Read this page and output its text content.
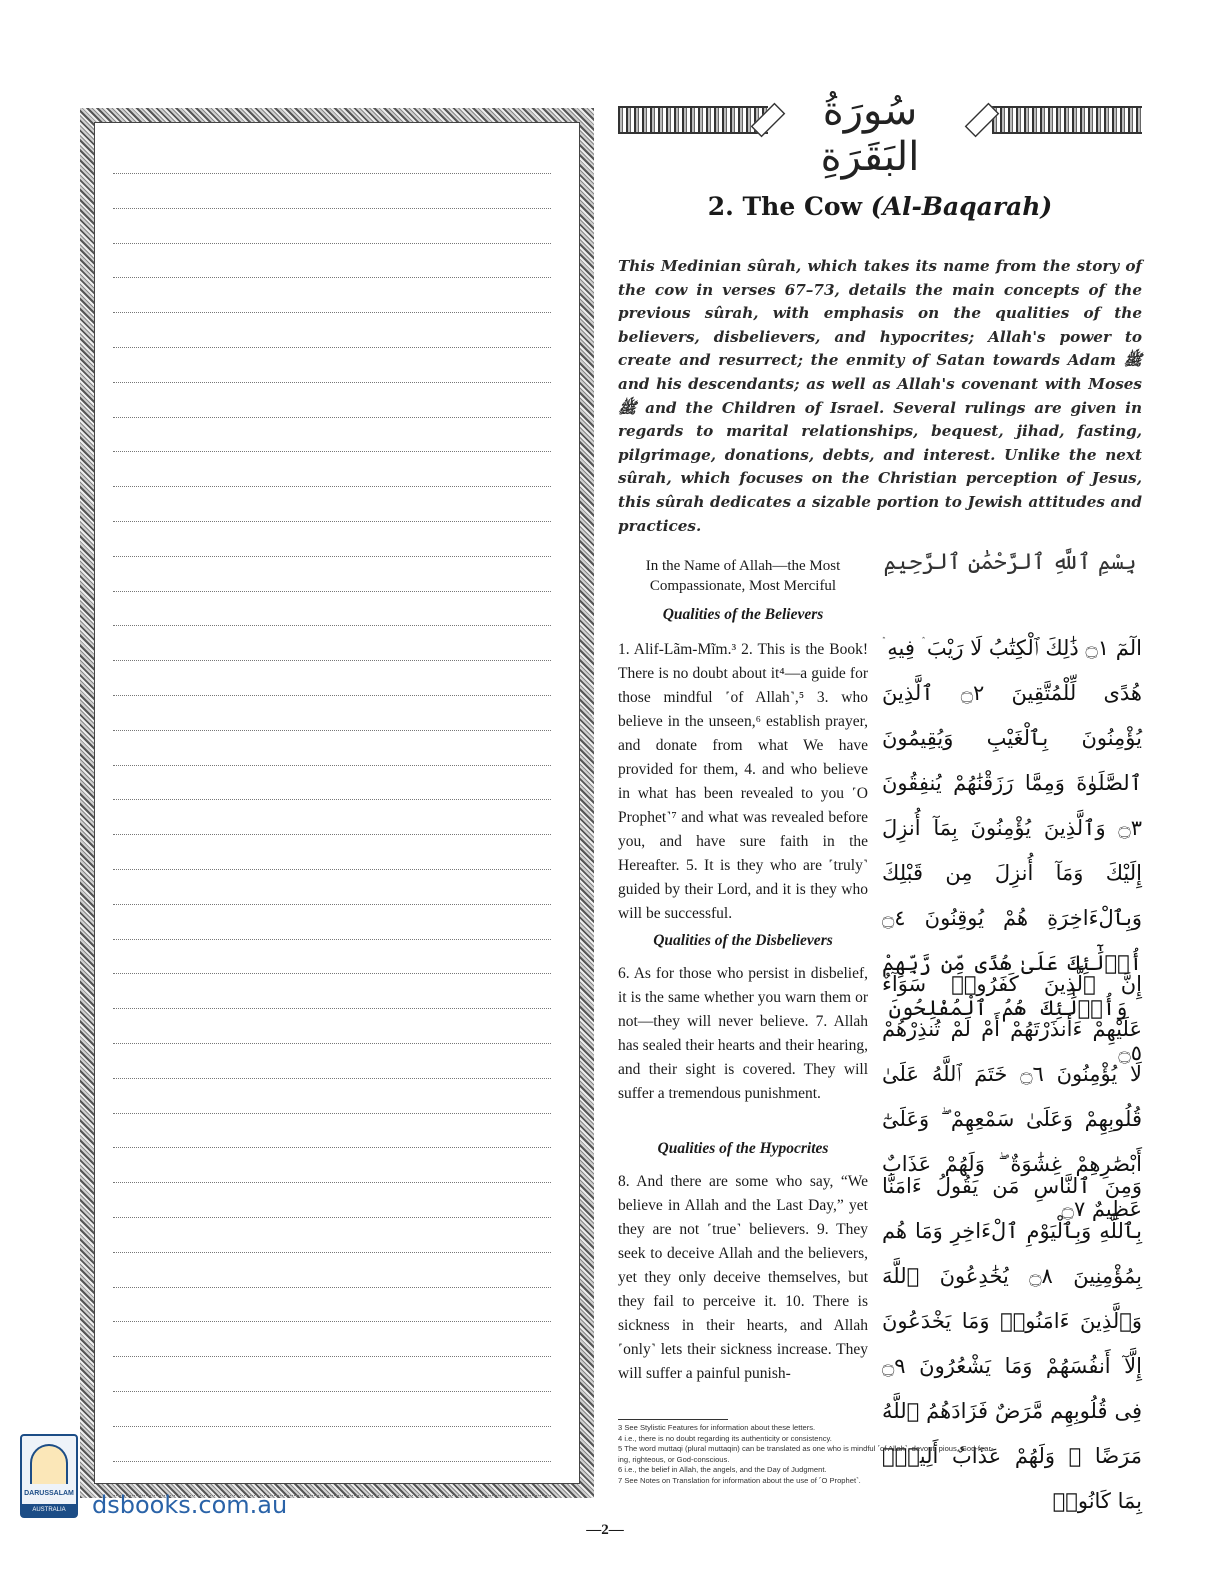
سُورَةُ البَقَرَةِ
2. The Cow (Al-Baqarah)
This Medinian sûrah, which takes its name from the story of the cow in verses 67–73, details the main concepts of the previous sûrah, with emphasis on the qualities of the believers, disbelievers, and hypocrites; Allah's power to create and resurrect; the enmity of Satan towards Adam ﷺ and his descendants; as well as Allah's covenant with Moses ﷺ and the Children of Israel. Several rulings are given in regards to marital relationships, bequest, jihad, fasting, pilgrimage, donations, debts, and interest. Unlike the next sûrah, which focuses on the Christian perception of Jesus, this sûrah dedicates a sizable portion to Jewish attitudes and practices.
In the Name of Allah—the Most Compassionate, Most Merciful
بِسْمِ ٱللَّهِ ٱلرَّحْمَٰنِ ٱلرَّحِيمِ
Qualities of the Believers
1. Alif-Lãm-Mĩm.³ 2. This is the Book! There is no doubt about it⁴—a guide for those mindful ˹of Allah˺,⁵ 3. who believe in the unseen,⁶ establish prayer, and donate from what We have provided for them, 4. and who believe in what has been revealed to you ˹O Prophet˺⁷ and what was revealed before you, and have sure faith in the Hereafter. 5. It is they who are ˹truly˺ guided by their Lord, and it is they who will be successful.
الٓمٓ ۝١ ذَٰلِكَ ٱلْكِتَٰبُ لَا رَيْبَ ۛ فِيهِ ۛ هُدًى لِّلْمُتَّقِينَ ۝٢ ٱلَّذِينَ يُؤْمِنُونَ بِٱلْغَيْبِ وَيُقِيمُونَ ٱلصَّلَوٰةَ وَمِمَّا رَزَقْنَٰهُمْ يُنفِقُونَ ۝٣ وَٱلَّذِينَ يُؤْمِنُونَ بِمَآ أُنزِلَ إِلَيْكَ وَمَآ أُنزِلَ مِن قَبْلِكَ وَبِٱلْءَاخِرَةِ هُمْ يُوقِنُونَ ۝٤ أُو۟لَٰٓئِكَ عَلَىٰ هُدًى مِّن رَّبِّهِمْ ۖ وَأُو۟لَٰٓئِكَ هُمُ ٱلْمُفْلِحُونَ ۝٥
Qualities of the Disbelievers
6. As for those who persist in disbelief, it is the same whether you warn them or not—they will never believe. 7. Allah has sealed their hearts and their hearing, and their sight is covered. They will suffer a tremendous punishment.
إِنَّ ٱلَّذِينَ كَفَرُوا۟ سَوَآءٌ عَلَيْهِمْ ءَأَنذَرْتَهُمْ أَمْ لَمْ تُنذِرْهُمْ لَا يُؤْمِنُونَ ۝٦ خَتَمَ ٱللَّهُ عَلَىٰ قُلُوبِهِمْ وَعَلَىٰ سَمْعِهِمْ ۖ وَعَلَىٰٓ أَبْصَٰرِهِمْ غِشَٰوَةٌ ۖ وَلَهُمْ عَذَابٌ عَظِيمٌ ۝٧
Qualities of the Hypocrites
8. And there are some who say, “We believe in Allah and the Last Day,” yet they are not ˹true˺ believers. 9. They seek to deceive Allah and the believers, yet they only deceive themselves, but they fail to perceive it. 10. There is sickness in their hearts, and Allah ˹only˺ lets their sickness increase. They will suffer a painful punish-
وَمِنَ ٱلنَّاسِ مَن يَقُولُ ءَامَنَّا بِٱللَّهِ وَبِٱلْيَوْمِ ٱلْءَاخِرِ وَمَا هُم بِمُؤْمِنِينَ ۝٨ يُخَٰدِعُونَ ٱللَّهَ وَٱلَّذِينَ ءَامَنُوا۟ وَمَا يَخْدَعُونَ إِلَّآ أَنفُسَهُمْ وَمَا يَشْعُرُونَ ۝٩ فِى قُلُوبِهِم مَّرَضٌ فَزَادَهُمُ ٱللَّهُ مَرَضًا ۖ وَلَهُمْ عَذَابٌ أَلِيمٌۢ بِمَا كَانُوا۟
3 See Stylistic Features for information about these letters.
4 i.e., there is no doubt regarding its authenticity or consistency.
5 The word muttaqi (plural muttaqin) can be translated as one who is mindful ˹of Allah˺, devout, pious, God-fear-
ing, righteous, or God-conscious.
6 i.e., the belief in Allah, the angels, and the Day of Judgment.
7 See Notes on Translation for information about the use of ˹O Prophet˺.
—2—
DARUSSALAM
AUSTRALIA	dsbooks.com.au
